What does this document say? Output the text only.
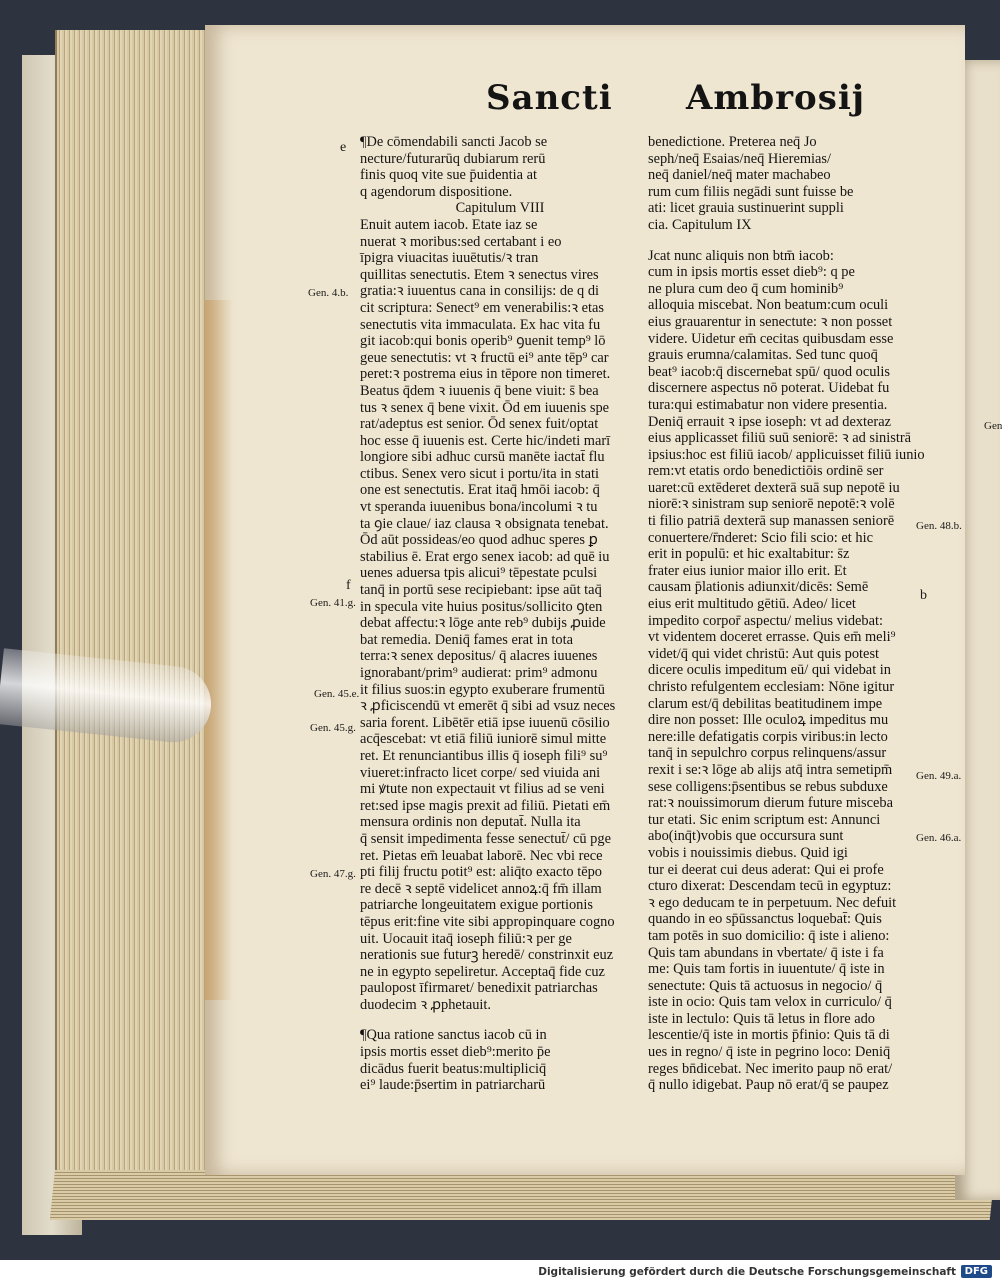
Sancti Ambrosij
¶De cōmendabili sancti Jacob se
necture/futurarūq dubiarum rerū
finis quoq vite sue p̄uidentia at
q agendorum dispositione.
Capitulum VIII
Enuit autem iacob. Etate iaz se
nuerat ꝛ moribus:sed certabant i eo
īpigra viuacitas iuuētutis/ꝛ tran
quillitas senectutis. Etem ꝛ senectus vires
gratia:ꝛ iuuentus cana in consilijs: de q di
cit scriptura: Senect⁹ em venerabilis:ꝛ etas
senectutis vita immaculata. Ex hac vita fu
git iacob:qui bonis operib⁹ ꝯuenit temp⁹ lō
geue senectutis: vt ꝛ fructū ei⁹ ante tēp⁹ car
peret:ꝛ postrema eius in tēpore non timeret.
Beatus q̄dem ꝛ iuuenis q̄ bene viuit: s̄ bea
tus ꝛ senex q̄ bene vixit. Ōd em iuuenis spe
rat/adeptus est senior. Ōd senex fuit/optat
hoc esse q̄ iuuenis est. Certe hic/indeti marī
longiore sibi adhuc cursū manēte iactat̄ flu
ctibus. Senex vero sicut i portu/ita in stati
one est senectutis. Erat itaq̄ hmōi iacob: q̄
vt speranda iuuenibus bona/incolumi ꝛ tu
ta ꝯie claue/ iaz clausa ꝛ obsignata tenebat.
Ōd aūt possideas/eo quod adhuc speres ꝑ
stabilius ē. Erat ergo senex iacob: ad quē iu
uenes aduersa tpis alicui⁹ tēpestate pculsi
tanq̄ in portū sese recipiebant: ipse aūt taq̄
in specula vite huius positus/sollicito ꝯten
debat affectu:ꝛ lōge ante reb⁹ dubijs ꝓuide
bat remedia. Deniq̄ fames erat in tota
terra:ꝛ senex depositus/ q̄ alacres iuuenes
ignorabant/prim⁹ audierat: prim⁹ admonu
it filius suos:in egypto exuberare frumentū
ꝛ ꝓficiscendū vt emerēt q̄ sibi ad vsuz neces
saria forent. Libētēr etiā ipse iuuenū cōsilio
acq̄escebat: vt etiā filiū iuniorē simul mitte
ret. Et renunciantibus illis q̄ ioseph fili⁹ su⁹
viueret:infracto licet corpe/ sed viuida ani
mi ꝟtute non expectauit vt filius ad se veni
ret:sed ipse magis prexit ad filiū. Pietati em̄
mensura ordinis non deputat̄. Nulla ita
q̄ sensit impedimenta fesse senectut̄/ cū pge
ret. Pietas em̄ leuabat laborē. Nec vbi rece
pti filij fructu potit⁹ est: aliq̄to exacto tēpo
re decē ꝛ septē videlicet annoꝝ:q̄ fm̄ illam
patriarche longeuitatem exigue portionis
tēpus erit:fine vite sibi appropinquare cogno
uit. Uocauit itaq̄ ioseph filiū:ꝛ per ge
nerationis sue futurꝫ heredē/ constrinxit euz
ne in egypto sepeliretur. Acceptaq̄ fide cuz
paulopost īfirmaret/ benedixit patriarchas
duodecim ꝛ ꝓphetauit.
¶Qua ratione sanctus iacob cū in
ipsis mortis esset dieb⁹:merito p̄e
dicādus fuerit beatus:multipliciq̄
ei⁹ laude:p̄sertim in patriarcharū
benedictione. Preterea neq̄ Jo
seph/neq̄ Esaias/neq̄ Hieremias/
neq̄ daniel/neq̄ mater machabeo
rum cum filiis negādi sunt fuisse be
ati: licet grauia sustinuerint suppli
cia. Capitulum IX
Jcat nunc aliquis non btm̄ iacob:
cum in ipsis mortis esset dieb⁹: q pe
ne plura cum deo q̄ cum hominib⁹
alloquia miscebat. Non beatum:cum oculi
eius grauarentur in senectute: ꝛ non posset
videre. Uidetur em̄ cecitas quibusdam esse
grauis erumna/calamitas. Sed tunc quoq̄
beat⁹ iacob:q̄ discernebat spū/ quod oculis
discernere aspectus nō poterat. Uidebat fu
tura:qui estimabatur non videre presentia.
Deniq̄ errauit ꝛ ipse ioseph: vt ad dexteraz
eius applicasset filiū suū seniorē: ꝛ ad sinistrā
ipsius:hoc est filiū iacob/ applicuisset filiū iunio
rem:vt etatis ordo benedictiōis ordinē ser
uaret:cū extēderet dexterā suā sup nepotē iu
niorē:ꝛ sinistram sup seniorē nepotē:ꝛ volē
ti filio patriā dexterā sup manassen seniorē
conuertere/r̄nderet: Scio fili scio: et hic
erit in populū: et hic exaltabitur: s̄z
frater eius iunior maior illo erit. Et
causam p̄lationis adiunxit/dicēs: Semē
eius erit multitudo gētiū. Adeo/ licet
impedito corpor̄ aspectu/ melius videbat:
vt videntem doceret errasse. Quis em̄ meli⁹
videt/q̄ qui videt christū: Aut quis potest
dicere oculis impeditum eū/ qui videbat in
christo refulgentem ecclesiam: Nōne igitur
clarum est/q̄ debilitas beatitudinem impe
dire non posset: Ille oculoꝝ impeditus mu
nere:ille defatigatis corpis viribus:in lecto
tanq̄ in sepulchro corpus relinquens/assur
rexit i se:ꝛ lōge ab alijs atq̄ intra semetipm̄
sese colligens:p̄sentibus se rebus subduxe
rat:ꝛ nouissimorum dierum future misceba
tur etati. Sic enim scriptum est: Annunci
abo(inq̄t)vobis que occursura sunt
vobis i nouissimis diebus. Quid igi
tur ei deerat cui deus aderat: Qui ei profe
cturo dixerat: Descendam tecū in egyptuz:
ꝛ ego deducam te in perpetuum. Nec defuit
quando in eo sp̄ūssanctus loquebat̄: Quis
tam potēs in suo domicilio: q̄ iste i alieno:
Quis tam abundans in vbertate/ q̄ iste i fa
me: Quis tam fortis in iuuentute/ q̄ iste in
senectute: Quis tā actuosus in negocio/ q̄
iste in ocio: Quis tam velox in curriculo/ q̄
iste in lectulo: Quis tā letus in flore ado
lescentie/q̄ iste in mortis p̄finio: Quis tā di
ues in regno/ q̄ iste in pegrino loco: Deniq̄
reges bn̄dicebat. Nec imerito paup nō erat/
q̄ nullo idigebat. Paup nō erat/q̄ se paupez
e
Gen. 4.b.
f
Gen. 41.g.
Gen. 45.e.
Gen. 45.g.
Gen. 47.g.
Gen. 48.b.
b
Gen. 49.a.
Gen. 46.a.
Gen
Digitalisierung gefördert durch die Deutsche Forschungsgemeinschaft DFG
